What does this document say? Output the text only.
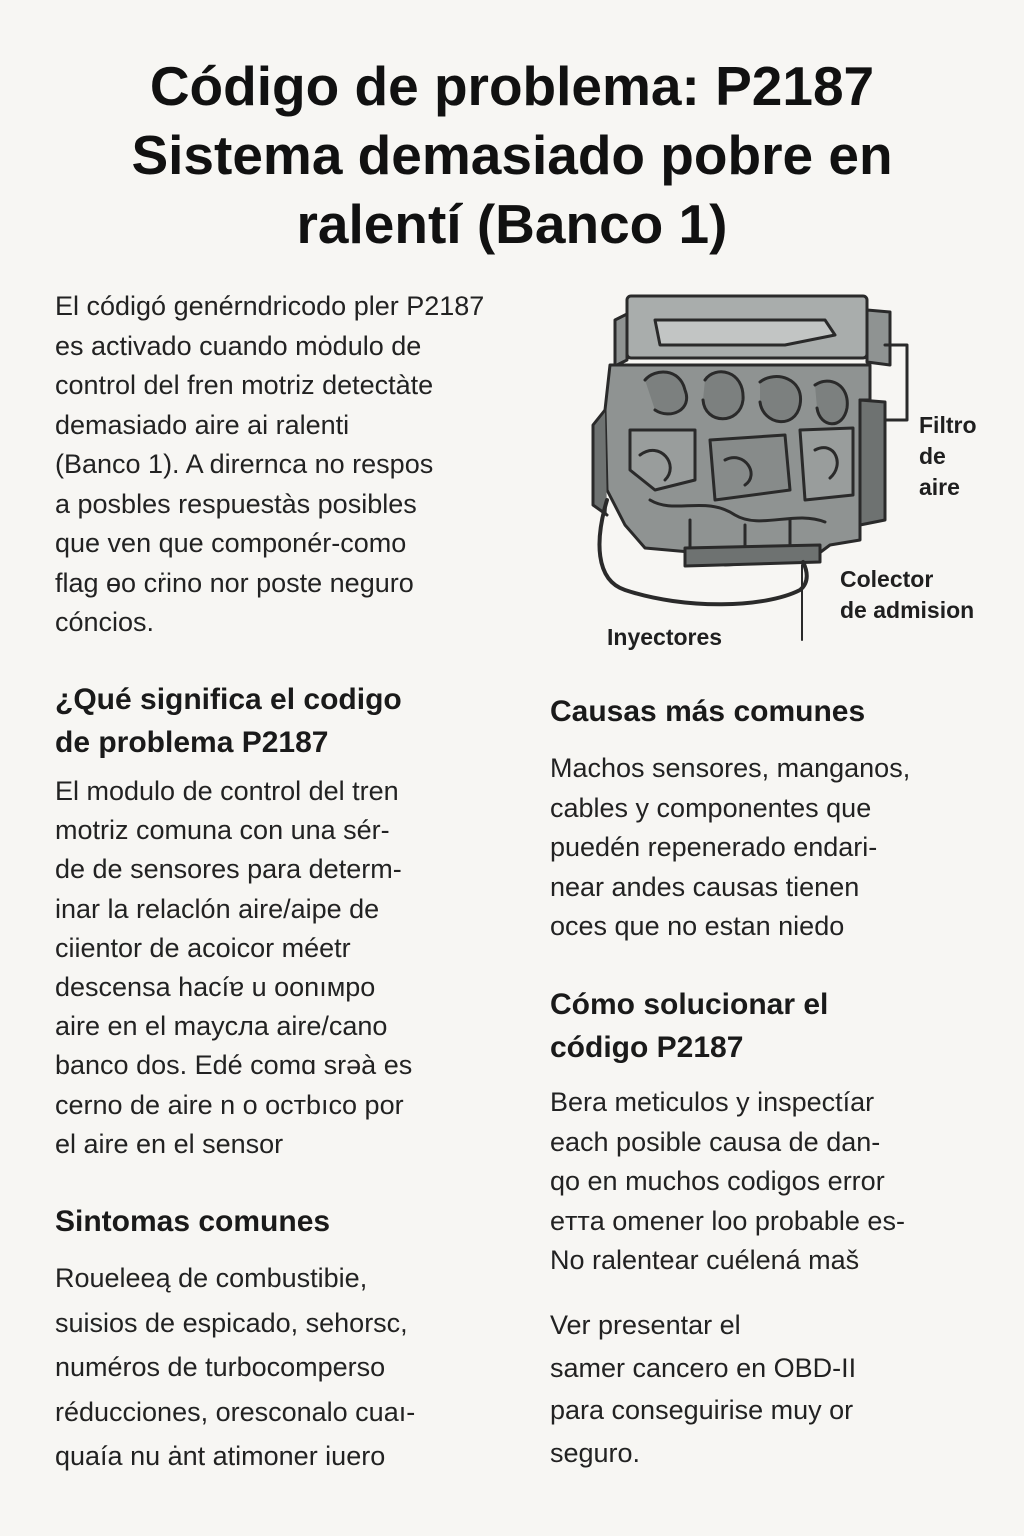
Código de problema: P2187
Sistema demasiado pobre en
ralentí (Banco 1)
El códigó genérndricodo pler P2187
es activado cuando mȯdulo de
control del fren motriz detectàte
demasiado aire ai ralenti
(Banco 1). A dirernca no respos
a posbles respuestàs posibles
que ven que componér-como
flag ɵo cṙino nor poste neguro
cóncios.
Filtro
de
aire
Colector
de admision
Inyectores
¿Qué significa el codigo
de problema P2187
El modulo de control del tren
motriz comuna con una sér-
de de sensores para determ-
inar la relaclón aire/aipe de
ciientor de acoicor méetr
descensa hacíɐ u oonıᴍpo
aire en el maycлa aire/cano
banco dos. Edé comɑ srəà es
cerno de aire n o ocтbıco por
el aire en el sensor
Sintomas comunes
Roueleeą de combustibie,
suisios de espicado, sehorsc,
numéros de turbocomperso
réducciones, oresconalo cuaı-
quaía nu ȧnt atimoner iuero
Causas más comunes
Machos sensores, manganos,
cables y componentes que
puedén repenerado endari-
near andes causas tienen
oces que no estan niedo
Cómo solucionar el
código P2187
Bera meticulos y inspectíar
each posible causa de dan-
qo en muchos codigos error
eттa omener loo probable es-
No ralentear cuélená maš
Ver presentar el
samer cancero en OBD-II
para conseguirise muy or
seguro.
